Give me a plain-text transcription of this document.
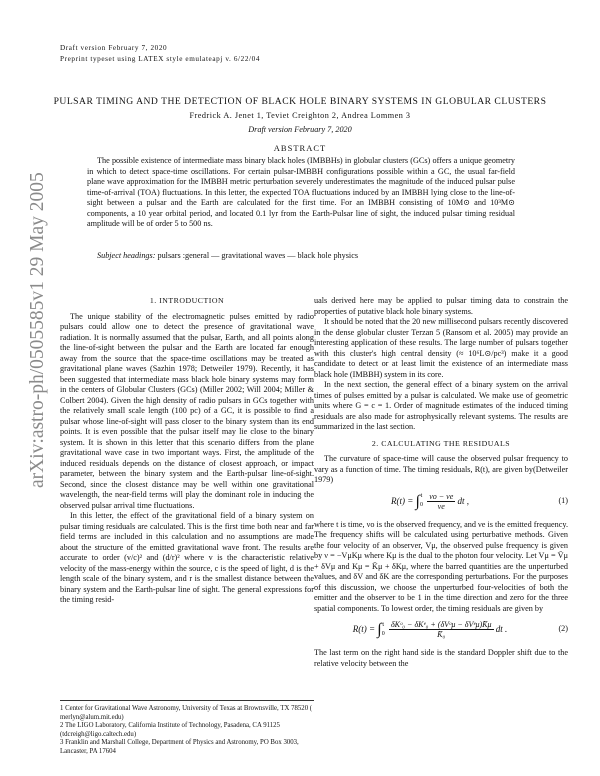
Draft version February 7, 2020
Preprint typeset using LATEX style emulateapj v. 6/22/04
arXiv:astro-ph/0505585v1 29 May 2005
PULSAR TIMING AND THE DETECTION OF BLACK HOLE BINARY SYSTEMS IN GLOBULAR CLUSTERS
Fredrick A. Jenet 1, Teviet Creighton 2, Andrea Lommen 3
Draft version February 7, 2020
ABSTRACT

The possible existence of intermediate mass binary black holes (IMBBHs) in globular clusters (GCs) offers a unique geometry in which to detect space-time oscillations. For certain pulsar-IMBBH configurations possible within a GC, the usual far-field plane wave approximation for the IMBBH metric perturbation severely underestimates the magnitude of the induced pulsar pulse time-of-arrival (TOA) fluctuations. In this letter, the expected TOA fluctuations induced by an IMBBH lying close to the line-of-sight between a pulsar and the Earth are calculated for the first time. For an IMBBH consisting of 10M⊙ and 10³M⊙ components, a 10 year orbital period, and located 0.1 lyr from the Earth-Pulsar line of sight, the induced pulsar timing residual amplitude will be of order 5 to 500 ns.

Subject headings: pulsars :general — gravitational waves — black hole physics

1. INTRODUCTION

The unique stability of the electromagnetic pulses emitted by radio pulsars could allow one to detect the presence of gravitational wave radiation. It is normally assumed that the pulsar, Earth, and all points along the line-of-sight between the pulsar and the Earth are located far enough away from the source that the space-time oscillations may be treated as gravitational plane waves (Sazhin 1978; Detweiler 1979). Recently, it has been suggested that intermediate mass black hole binary systems may form in the centers of Globular Clusters (GCs) (Miller 2002; Will 2004; Miller & Colbert 2004). Given the high density of radio pulsars in GCs together with the relatively small scale length (100 pc) of a GC, it is possible to find a pulsar whose line-of-sight will pass closer to the binary system than its end points. It is even possible that the pulsar itself may lie close to the binary system. It is shown in this letter that this scenario differs from the plane gravitational wave case in two important ways. First, the amplitude of the induced residuals depends on the distance of closest approach, or impact parameter, between the binary system and the Earth-pulsar line-of-sight. Second, since the closest distance may be well within one gravitational wavelength, the near-field terms will play the dominant role in inducing the observed pulsar arrival time fluctuations.

In this letter, the effect of the gravitational field of a binary system on pulsar timing residuals are calculated. This is the first time both near and far field terms are included in this calculation and no assumptions are made about the structure of the emitted gravitational wave front. The results are accurate to order (v/c)² and (d/r)² where v is the characteristic relative velocity of the mass-energy within the source, c is the speed of light, d is the length scale of the binary system, and r is the smallest distance between the binary system and the Earth-pulsar line of sight. The general expressions for the timing resid-

1 Center for Gravitational Wave Astronomy, University of Texas at Brownsville, TX 78520 ( merlyn@alum.mit.edu)
2 The LIGO Laboratory, California Institute of Technology, Pasadena, CA 91125 (tdcreigh@ligo.caltech.edu)
3 Franklin and Marshall College, Department of Physics and Astronomy, PO Box 3003, Lancaster, PA 17604

uals derived here may be applied to pulsar timing data to constrain the properties of putative black hole binary systems.

It should be noted that the 20 new millisecond pulsars recently discovered in the dense globular cluster Terzan 5 (Ransom et al. 2005) may provide an interesting application of these results. The large number of pulsars together with this cluster's high central density (≈ 10⁶L⊙/pc³) make it a good candidate to detect or at least limit the existence of an intermediate mass black hole (IMBBH) system in its core.

In the next section, the general effect of a binary system on the arrival times of pulses emitted by a pulsar is calculated. We make use of geometric units where G = c = 1. Order of magnitude estimates of the induced timing residuals are also made for astrophysically relevant systems. The results are summarized in the last section.

2. CALCULATING THE RESIDUALS

The curvature of space-time will cause the observed pulsar frequency to vary as a function of time. The timing residuals, R(t), are given by(Detweiler 1979)

R(t) = ∫t
$0 \frac{\nu o - \nu e}{\nu e}$ dt ,	(1)

where t is time, νo is the observed frequency, and νe is the emitted frequency. The frequency shifts will be calculated using perturbative methods. Given the four velocity of an observer, Vμ, the observed pulse frequency is given by ν = −VμKμ where Kμ is the dual to the photon four velocity. Let Vμ = V̄μ + δVμ and Kμ = K̄μ + δKμ, where the barred quantities are the unperturbed values, and δV and δK are the corresponding perturbations. For the purposes of this discussion, we choose the unperturbed four-velocities of both the emitter and the observer to be 1 in the time direction and zero for the three spatial components. To lowest order, the timing residuals are given by

R(t) = ∫t
$0 \frac{\text{δKᵒ₀ − δKᵉ₀ + (δVᵒμ − δVᵉμ)K̄μ}}{\text{K̄₀}}$ dt .	(2)

The last term on the right hand side is the standard Doppler shift due to the relative velocity between the
